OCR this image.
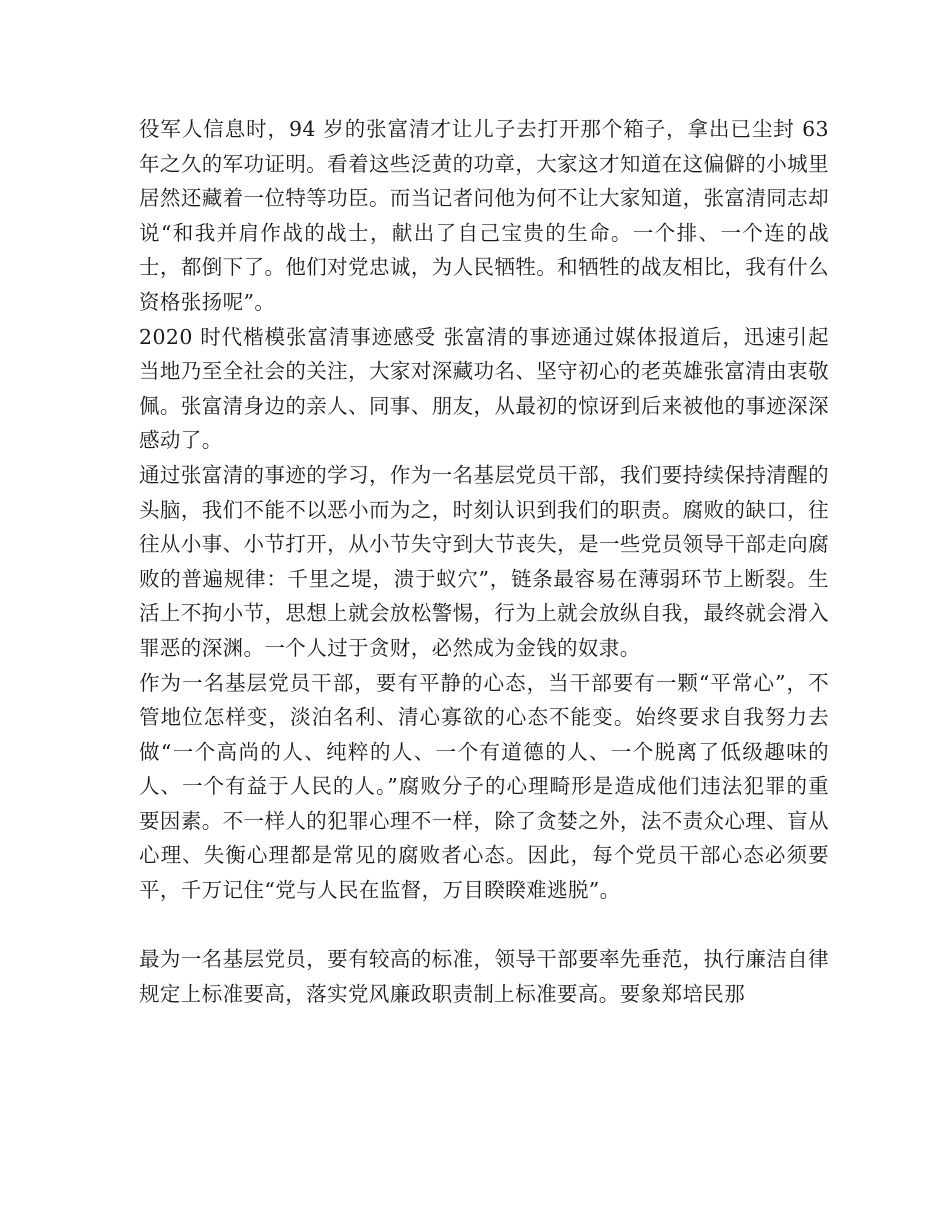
役军人信息时，94 岁的张富清才让儿子去打开那个箱子，拿出已尘封 63 年之久的军功证明。看着这些泛黄的功章，大家这才知道在这偏僻的小城里居然还藏着一位特等功臣。而当记者问他为何不让大家知道，张富清同志却说“和我并肩作战的战士，献出了自己宝贵的生命。一个排、一个连的战士，都倒下了。他们对党忠诚，为人民牺牲。和牺牲的战友相比，我有什么资格张扬呢”。

2020 时代楷模张富清事迹感受 张富清的事迹通过媒体报道后，迅速引起当地乃至全社会的关注，大家对深藏功名、坚守初心的老英雄张富清由衷敬佩。张富清身边的亲人、同事、朋友，从最初的惊讶到后来被他的事迹深深感动了。

通过张富清的事迹的学习，作为一名基层党员干部，我们要持续保持清醒的头脑，我们不能不以恶小而为之，时刻认识到我们的职责。腐败的缺口，往往从小事、小节打开，从小节失守到大节丧失，是一些党员领导干部走向腐败的普遍规律：千里之堤，溃于蚁穴”，链条最容易在薄弱环节上断裂。生活上不拘小节，思想上就会放松警惕，行为上就会放纵自我，最终就会滑入罪恶的深渊。一个人过于贪财，必然成为金钱的奴隶。

作为一名基层党员干部，要有平静的心态，当干部要有一颗“平常心”，不管地位怎样变，淡泊名利、清心寡欲的心态不能变。始终要求自我努力去做“一个高尚的人、纯粹的人、一个有道德的人、一个脱离了低级趣味的人、一个有益于人民的人。”腐败分子的心理畸形是造成他们违法犯罪的重要因素。不一样人的犯罪心理不一样，除了贪婪之外，法不责众心理、盲从心理、失衡心理都是常见的腐败者心态。因此，每个党员干部心态必须要平，千万记住“党与人民在监督，万目睽睽难逃脱”。

最为一名基层党员，要有较高的标准，领导干部要率先垂范，执行廉洁自律规定上标准要高，落实党风廉政职责制上标准要高。要象郑培民那
